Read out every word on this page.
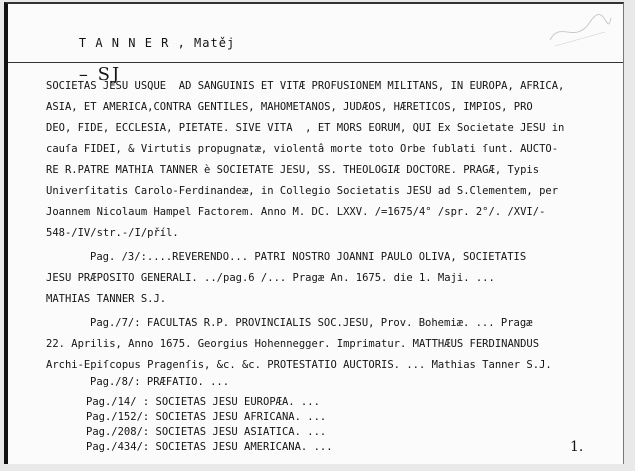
T A N N E R , Matěj

– SJ

SOCIETAS JESU USQUE  AD SANGUINIS ET VITÆ PROFUSIONEM MILITANS, IN EUROPA, AFRICA,
ASIA, ET AMERICA,CONTRA GENTILES, MAHOMETANOS, JUDÆOS, HÆRETICOS, IMPIOS, PRO
DEO, FIDE, ECCLESIA, PIETATE. SIVE VITA  , ET MORS EORUM, QUI Ex Societate JESU in
cauſa FIDEI, & Virtutis propugnatæ, violentâ morte toto Orbe ſublati ſunt. AUCTO-
RE R.PATRE MATHIA TANNER è SOCIETATE JESU, SS. THEOLOGIÆ DOCTORE. PRAGÆ, Typis
Univerſitatis Carolo-Ferdinandeæ, in Collegio Societatis JESU ad S.Clementem, per
Joannem Nicolaum Hampel Factorem. Anno M. DC. LXXV. /=1675/4° /spr. 2°/. /XVI/-
548-/IV/str.-/I/příl.
Pag. /3/:....REVERENDO... PATRI NOSTRO JOANNI PAULO OLIVA, SOCIETATIS
JESU PRÆPOSITO GENERALI. ../pag.6 /... Pragæ An. 1675. die 1. Maji. ...
MATHIAS TANNER S.J.
Pag./7/: FACULTAS R.P. PROVINCIALIS SOC.JESU, Prov. Bohemiæ. ... Pragæ
22. Aprilis, Anno 1675. Georgius Hohennegger. Imprimatur. MATTHÆUS FERDINANDUS
Archi-Epiſcopus Pragenſis, &c. &c. PROTESTATIO AUCTORIS. ... Mathias Tanner S.J.
Pag./8/: PRÆFATIO. ...
Pag./14/ : SOCIETAS JESU EUROPÆA. ...
Pag./152/: SOCIETAS JESU AFRICANA. ...
Pag./208/: SOCIETAS JESU ASIATICA. ...
Pag./434/: SOCIETAS JESU AMERICANA. ...	1.
